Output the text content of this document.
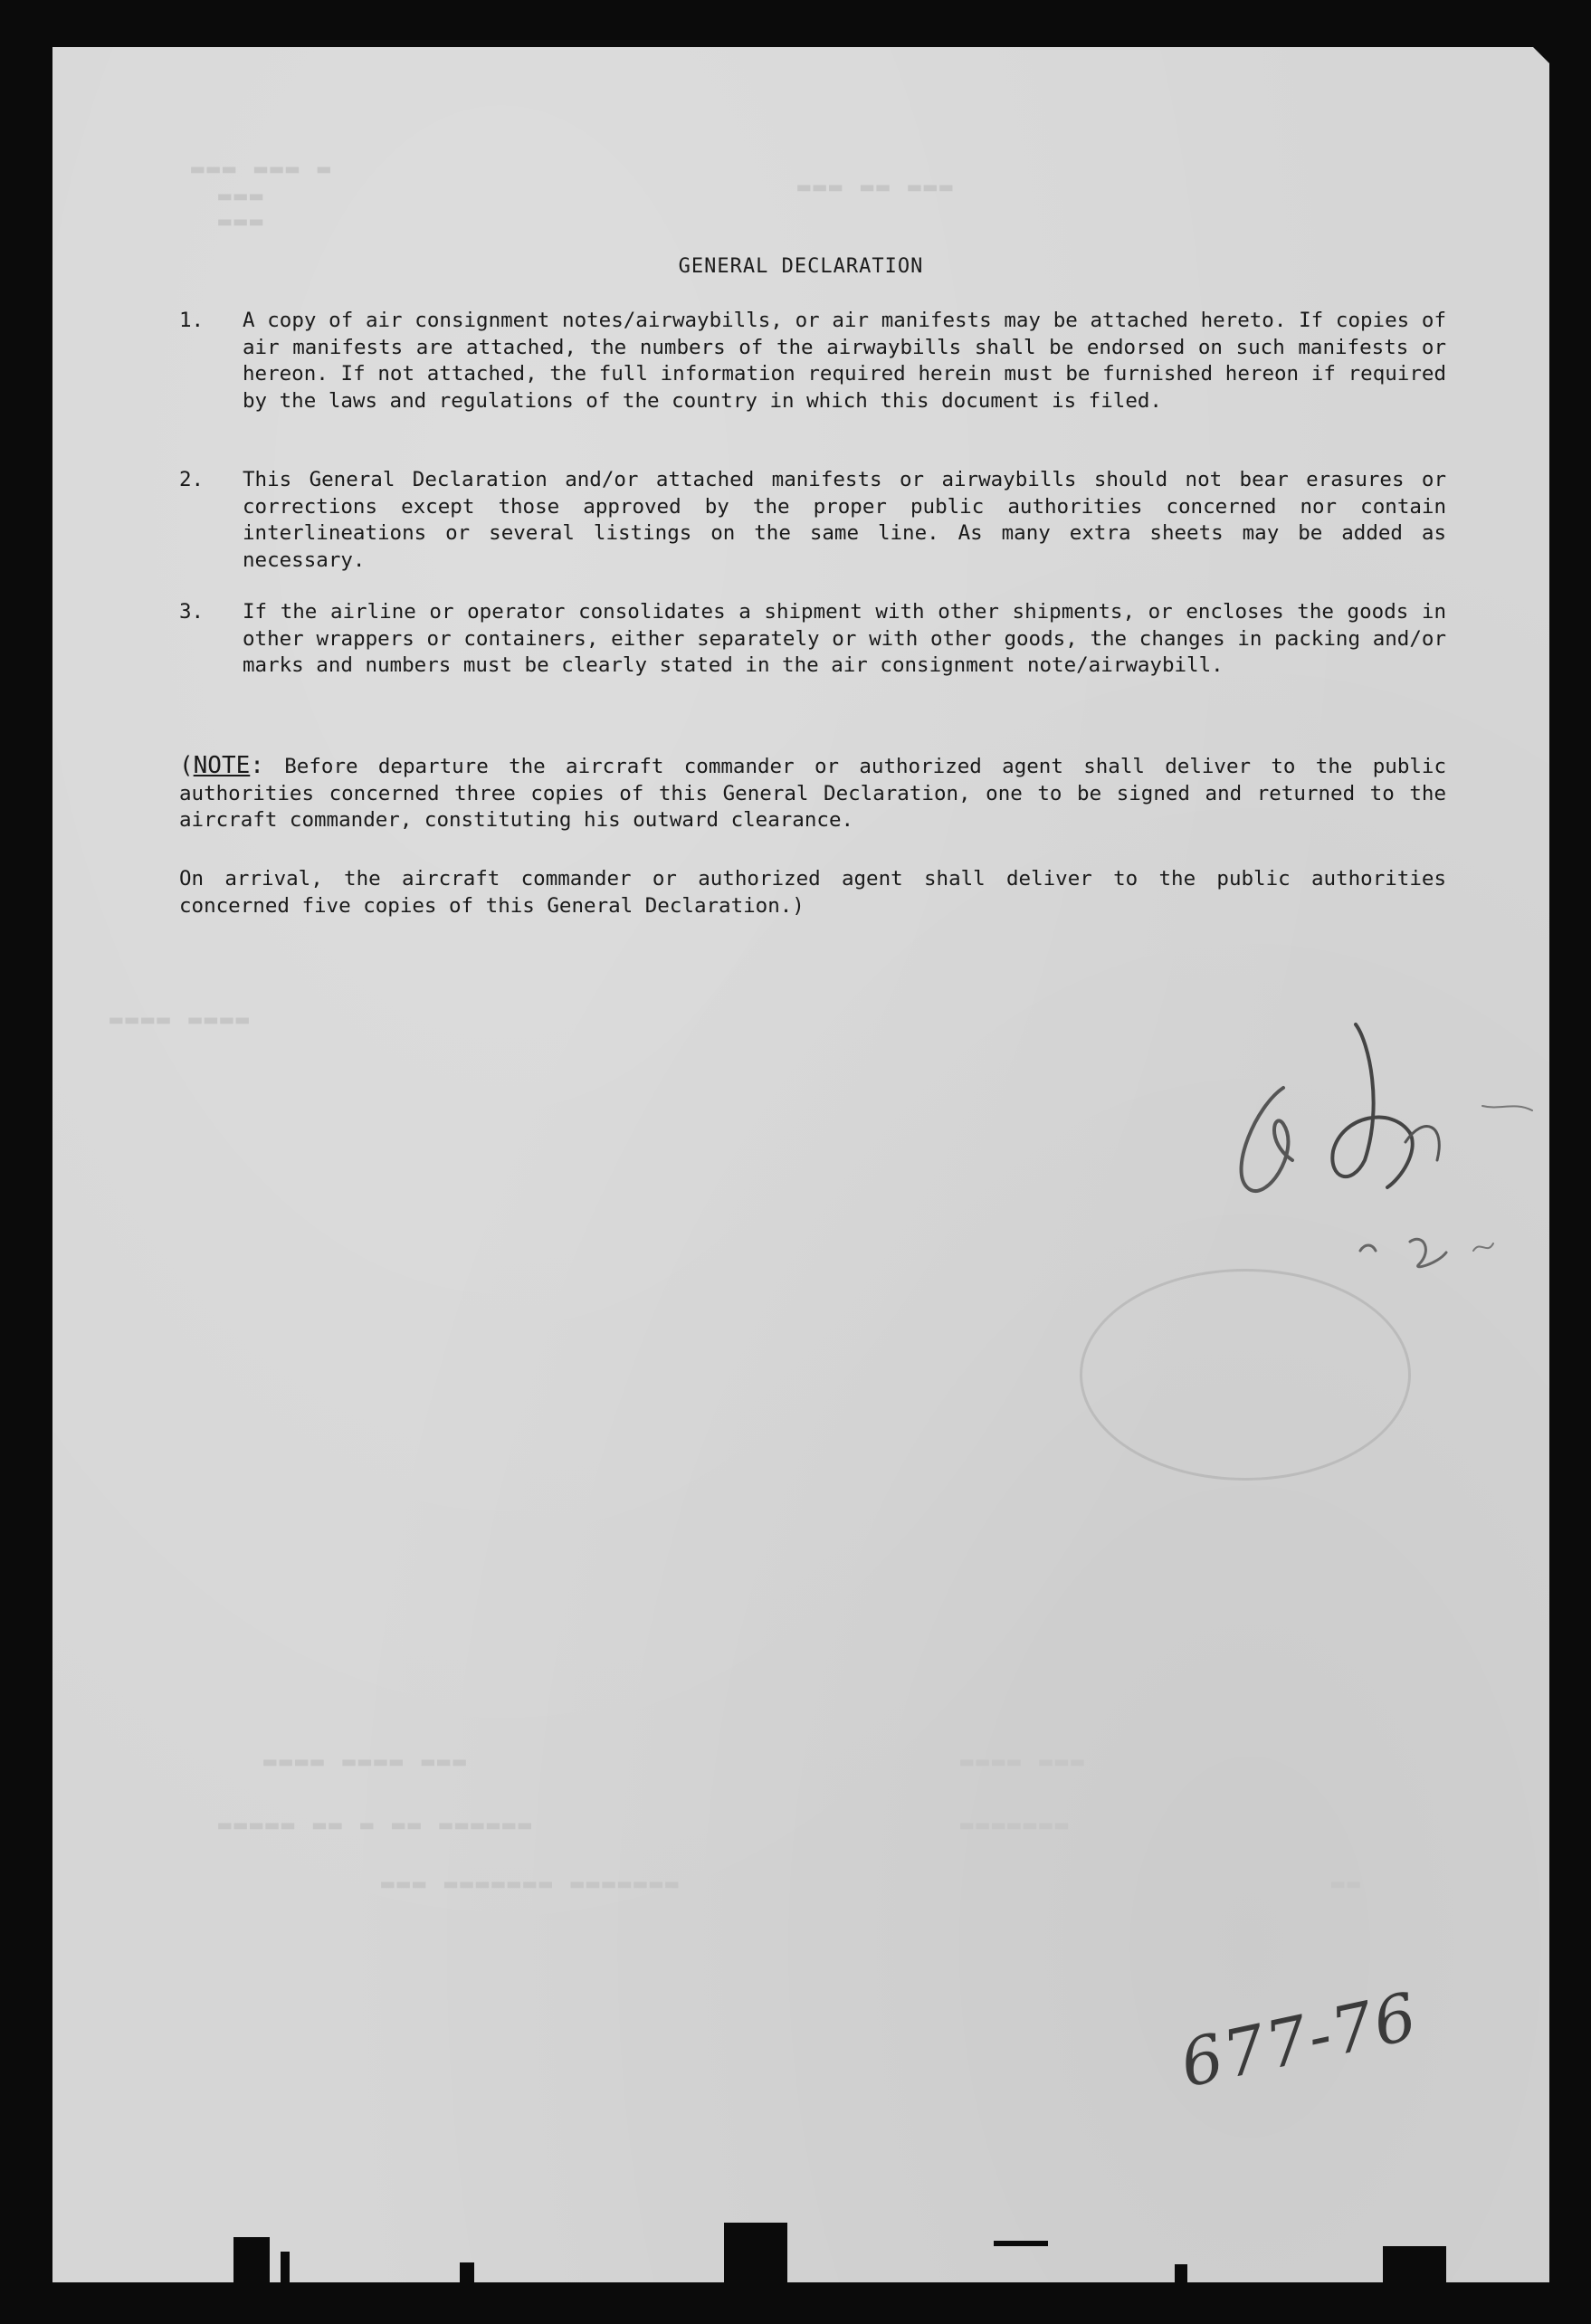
▬ ▬▬▬ ▬▬▬
▬▬▬
▬▬▬
▬▬▬ ▬▬ ▬▬▬
▬▬▬▬ ▬▬▬▬
▬▬▬ ▬▬▬▬ ▬▬▬▬	▬▬▬ ▬▬▬▬
▬▬▬▬▬▬ ▬▬ ▬ ▬▬ ▬▬▬▬▬	▬▬▬▬▬▬▬
▬▬▬▬▬▬▬ ▬▬▬▬▬▬▬ ▬▬▬	▬▬
GENERAL DECLARATION
1. A copy of air consignment notes/airwaybills, or air manifests may be attached hereto. If copies of air manifests are attached, the numbers of the airwaybills shall be endorsed on such manifests or hereon. If not attached, the full information required herein must be furnished hereon if required by the laws and regulations of the country in which this document is filed.
2. This General Declaration and/or attached manifests or airwaybills should not bear erasures or corrections except those approved by the proper public authorities concerned nor contain interlineations or several listings on the same line. As many extra sheets may be added as necessary.
3. If the airline or operator consolidates a shipment with other shipments, or encloses the goods in other wrappers or containers, either separately or with other goods, the changes in packing and/or marks and numbers must be clearly stated in the air consignment note/airwaybill.
(NOTE: Before departure the aircraft commander or authorized agent shall deliver to the public authorities concerned three copies of this General Declaration, one to be signed and returned to the aircraft commander, constituting his outward clearance.
On arrival, the aircraft commander or authorized agent shall deliver to the public authorities concerned five copies of this General Declaration.)
677-76
